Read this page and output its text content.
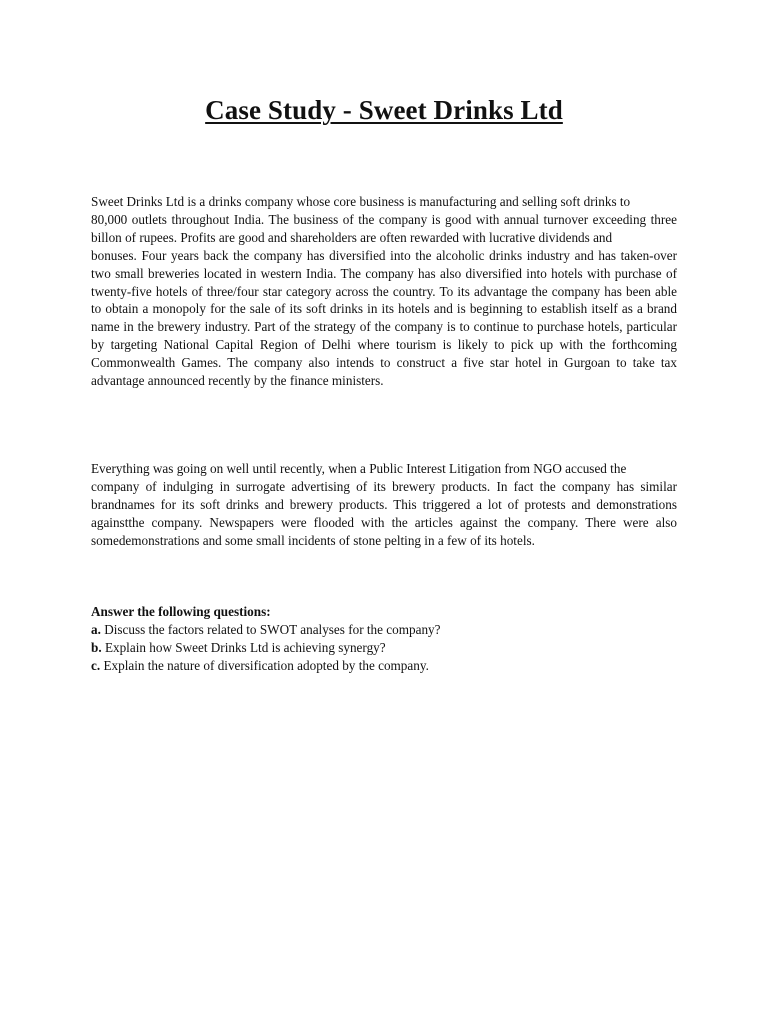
Case Study - Sweet Drinks Ltd
Sweet Drinks Ltd is a drinks company whose core business is manufacturing and selling soft drinks to
80,000 outlets throughout India. The business of the company is good with annual turnover exceeding three billon of rupees. Profits are good and shareholders are often rewarded with lucrative dividends and
bonuses. Four years back the company has diversified into the alcoholic drinks industry and has taken-over two small breweries located in western India. The company has also diversified into hotels with purchase of twenty-five hotels of three/four star category across the country. To its advantage the company has been able to obtain a monopoly for the sale of its soft drinks in its hotels and is beginning to establish itself as a brand name in the brewery industry. Part of the strategy of the company is to continue to purchase hotels, particular by targeting National Capital Region of Delhi where tourism is likely to pick up with the forthcoming Commonwealth Games. The company also intends to construct a five star hotel in Gurgoan to take tax advantage announced recently by the finance ministers.
Everything was going on well until recently, when a Public Interest Litigation from NGO accused the
company of indulging in surrogate advertising of its brewery products. In fact the company has similar brandnames for its soft drinks and brewery products. This triggered a lot of protests and demonstrations againstthe company. Newspapers were flooded with the articles against the company. There were also somedemonstrations and some small incidents of stone pelting in a few of its hotels.
Answer the following questions:
a. Discuss the factors related to SWOT analyses for the company?
b. Explain how Sweet Drinks Ltd is achieving synergy?
c. Explain the nature of diversification adopted by the company.
